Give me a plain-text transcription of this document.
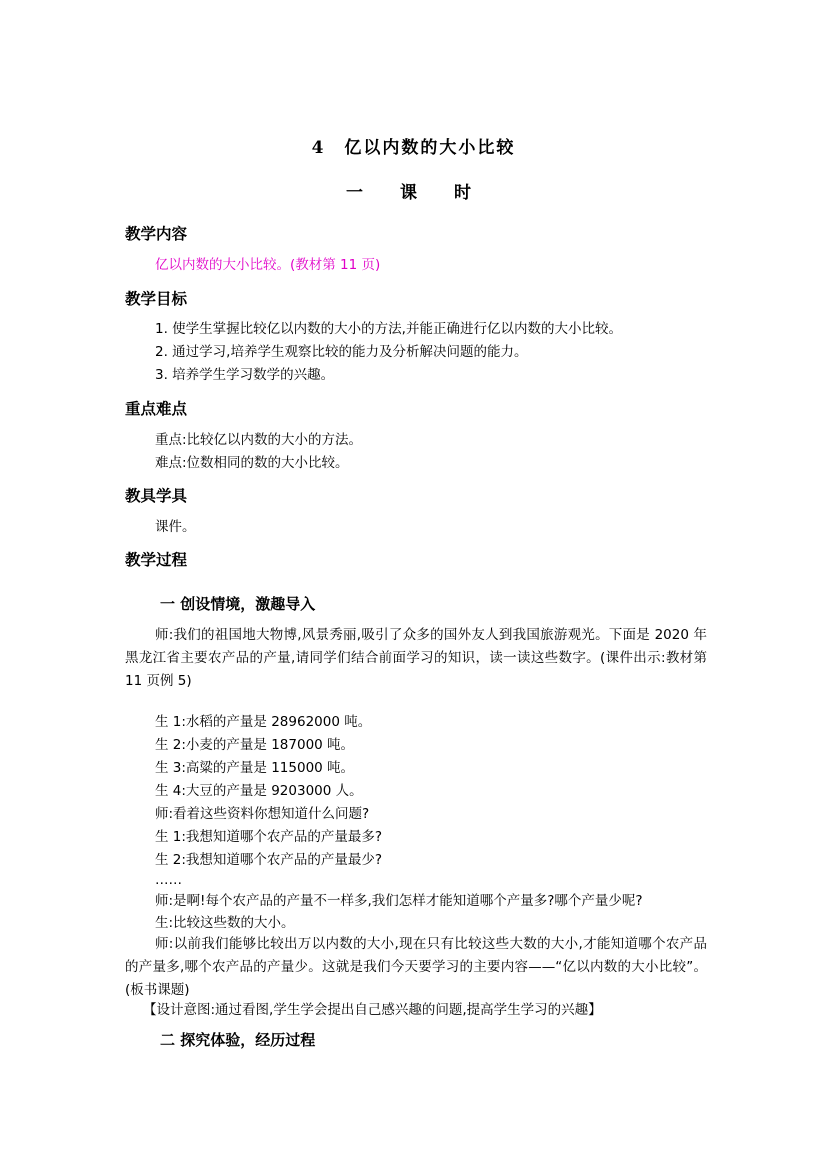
4　亿以内数的大小比较
一　课　时
教学内容
亿以内数的大小比较。(教材第 11 页)
教学目标
1. 使学生掌握比较亿以内数的大小的方法,并能正确进行亿以内数的大小比较。
2. 通过学习,培养学生观察比较的能力及分析解决问题的能力。
3. 培养学生学习数学的兴趣。
重点难点
重点:比较亿以内数的大小的方法。
难点:位数相同的数的大小比较。
教具学具
课件。
教学过程
一 创设情境，激趣导入
师:我们的祖国地大物博,风景秀丽,吸引了众多的国外友人到我国旅游观光。下面是 2020 年黑龙江省主要农产品的产量,请同学们结合前面学习的知识，读一读这些数字。(课件出示:教材第 11 页例 5)
生 1:水稻的产量是 28962000 吨。
生 2:小麦的产量是 187000 吨。
生 3:高粱的产量是 115000 吨。
生 4:大豆的产量是 9203000 人。
师:看着这些资料你想知道什么问题?
生 1:我想知道哪个农产品的产量最多?
生 2:我想知道哪个农产品的产量最少?
……
师:是啊!每个农产品的产量不一样多,我们怎样才能知道哪个产量多?哪个产量少呢?
生:比较这些数的大小。
师:以前我们能够比较出万以内数的大小,现在只有比较这些大数的大小,才能知道哪个农产品的产量多,哪个农产品的产量少。这就是我们今天要学习的主要内容——“亿以内数的大小比较”。(板书课题)
【设计意图:通过看图,学生学会提出自己感兴趣的问题,提高学生学习的兴趣】
二 探究体验，经历过程
